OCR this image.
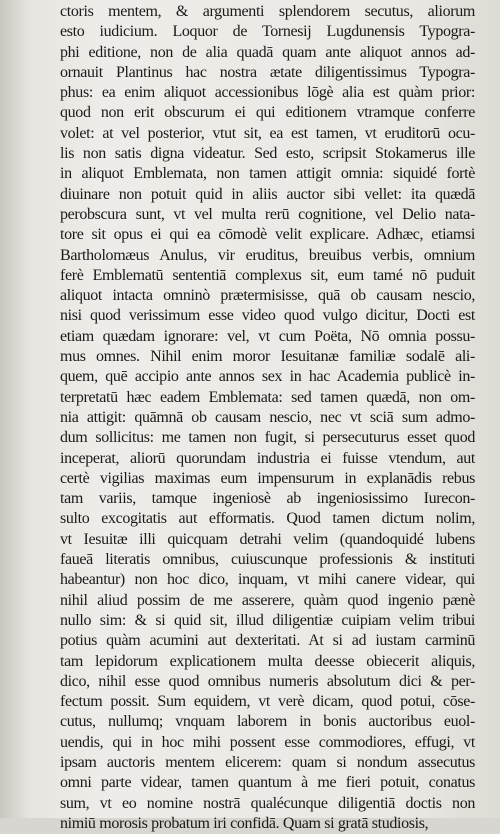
ctoris mentem, & argumenti splendorem secutus, aliorum
esto iudicium. Loquor de Tornesij Lugdunensis Typogra-
phi editione, non de alia quadā quam ante aliquot annos ad-
ornauit Plantinus hac nostra ætate diligentissimus Typogra-
phus: ea enim aliquot accessionibus lōgè alia est quàm prior:
quod non erit obscurum ei qui editionem vtramque conferre
volet: at vel posterior, vtut sit, ea est tamen, vt eruditorū ocu-
lis non satis digna videatur. Sed esto, scripsit Stokamerus ille
in aliquot Emblemata, non tamen attigit omnia: siquidé fortè
diuinare non potuit quid in aliis auctor sibi vellet: ita quædā
perobscura sunt, vt vel multa rerū cognitione, vel Delio nata-
tore sit opus ei qui ea cōmodè velit explicare. Adhæc, etiamsi
Bartholomæus Anulus, vir eruditus, breuibus verbis, omnium
ferè Emblematū sententiā complexus sit, eum tamé nō puduit
aliquot intacta omninò prætermisisse, quā ob causam nescio,
nisi quod verissimum esse video quod vulgo dicitur, Docti est
etiam quædam ignorare: vel, vt cum Poëta, Nō omnia possu-
mus omnes. Nihil enim moror Iesuitanæ familiæ sodalē ali-
quem, quē accipio ante annos sex in hac Academia publicè in-
terpretatū hæc eadem Emblemata: sed tamen quædā, non om-
nia attigit: quāmnā ob causam nescio, nec vt sciā sum admo-
dum sollicitus: me tamen non fugit, si persecuturus esset quod
inceperat, aliorū quorundam industria ei fuisse vtendum, aut
certè vigilias maximas eum impensurum in explanādis rebus
tam variis, tamque ingeniosè ab ingeniosissimo Iurecon-
sulto excogitatis aut efformatis. Quod tamen dictum nolim,
vt Iesuitæ illi quicquam detrahi velim (quandoquidé lubens
faueā literatis omnibus, cuiuscunque professionis & instituti
habeantur) non hoc dico, inquam, vt mihi canere videar, qui
nihil aliud possim de me asserere, quàm quod ingenio pænè
nullo sim: & si quid sit, illud diligentiæ cuipiam velim tribui
potius quàm acumini aut dexteritati. At si ad iustam carminū
tam lepidorum explicationem multa deesse obiecerit aliquis,
dico, nihil esse quod omnibus numeris absolutum dici & per-
fectum possit. Sum equidem, vt verè dicam, quod potui, cōse-
cutus, nullumq; vnquam laborem in bonis auctoribus euol-
uendis, qui in hoc mihi possent esse commodiores, effugi, vt
ipsam auctoris mentem elicerem: quam si nondum assecutus
omni parte videar, tamen quantum à me fieri potuit, conatus
sum, vt eo nomine nostrā qualécunque diligentiā doctis non
nimiū morosis probatum iri confidā. Quam si gratā studiosis,
